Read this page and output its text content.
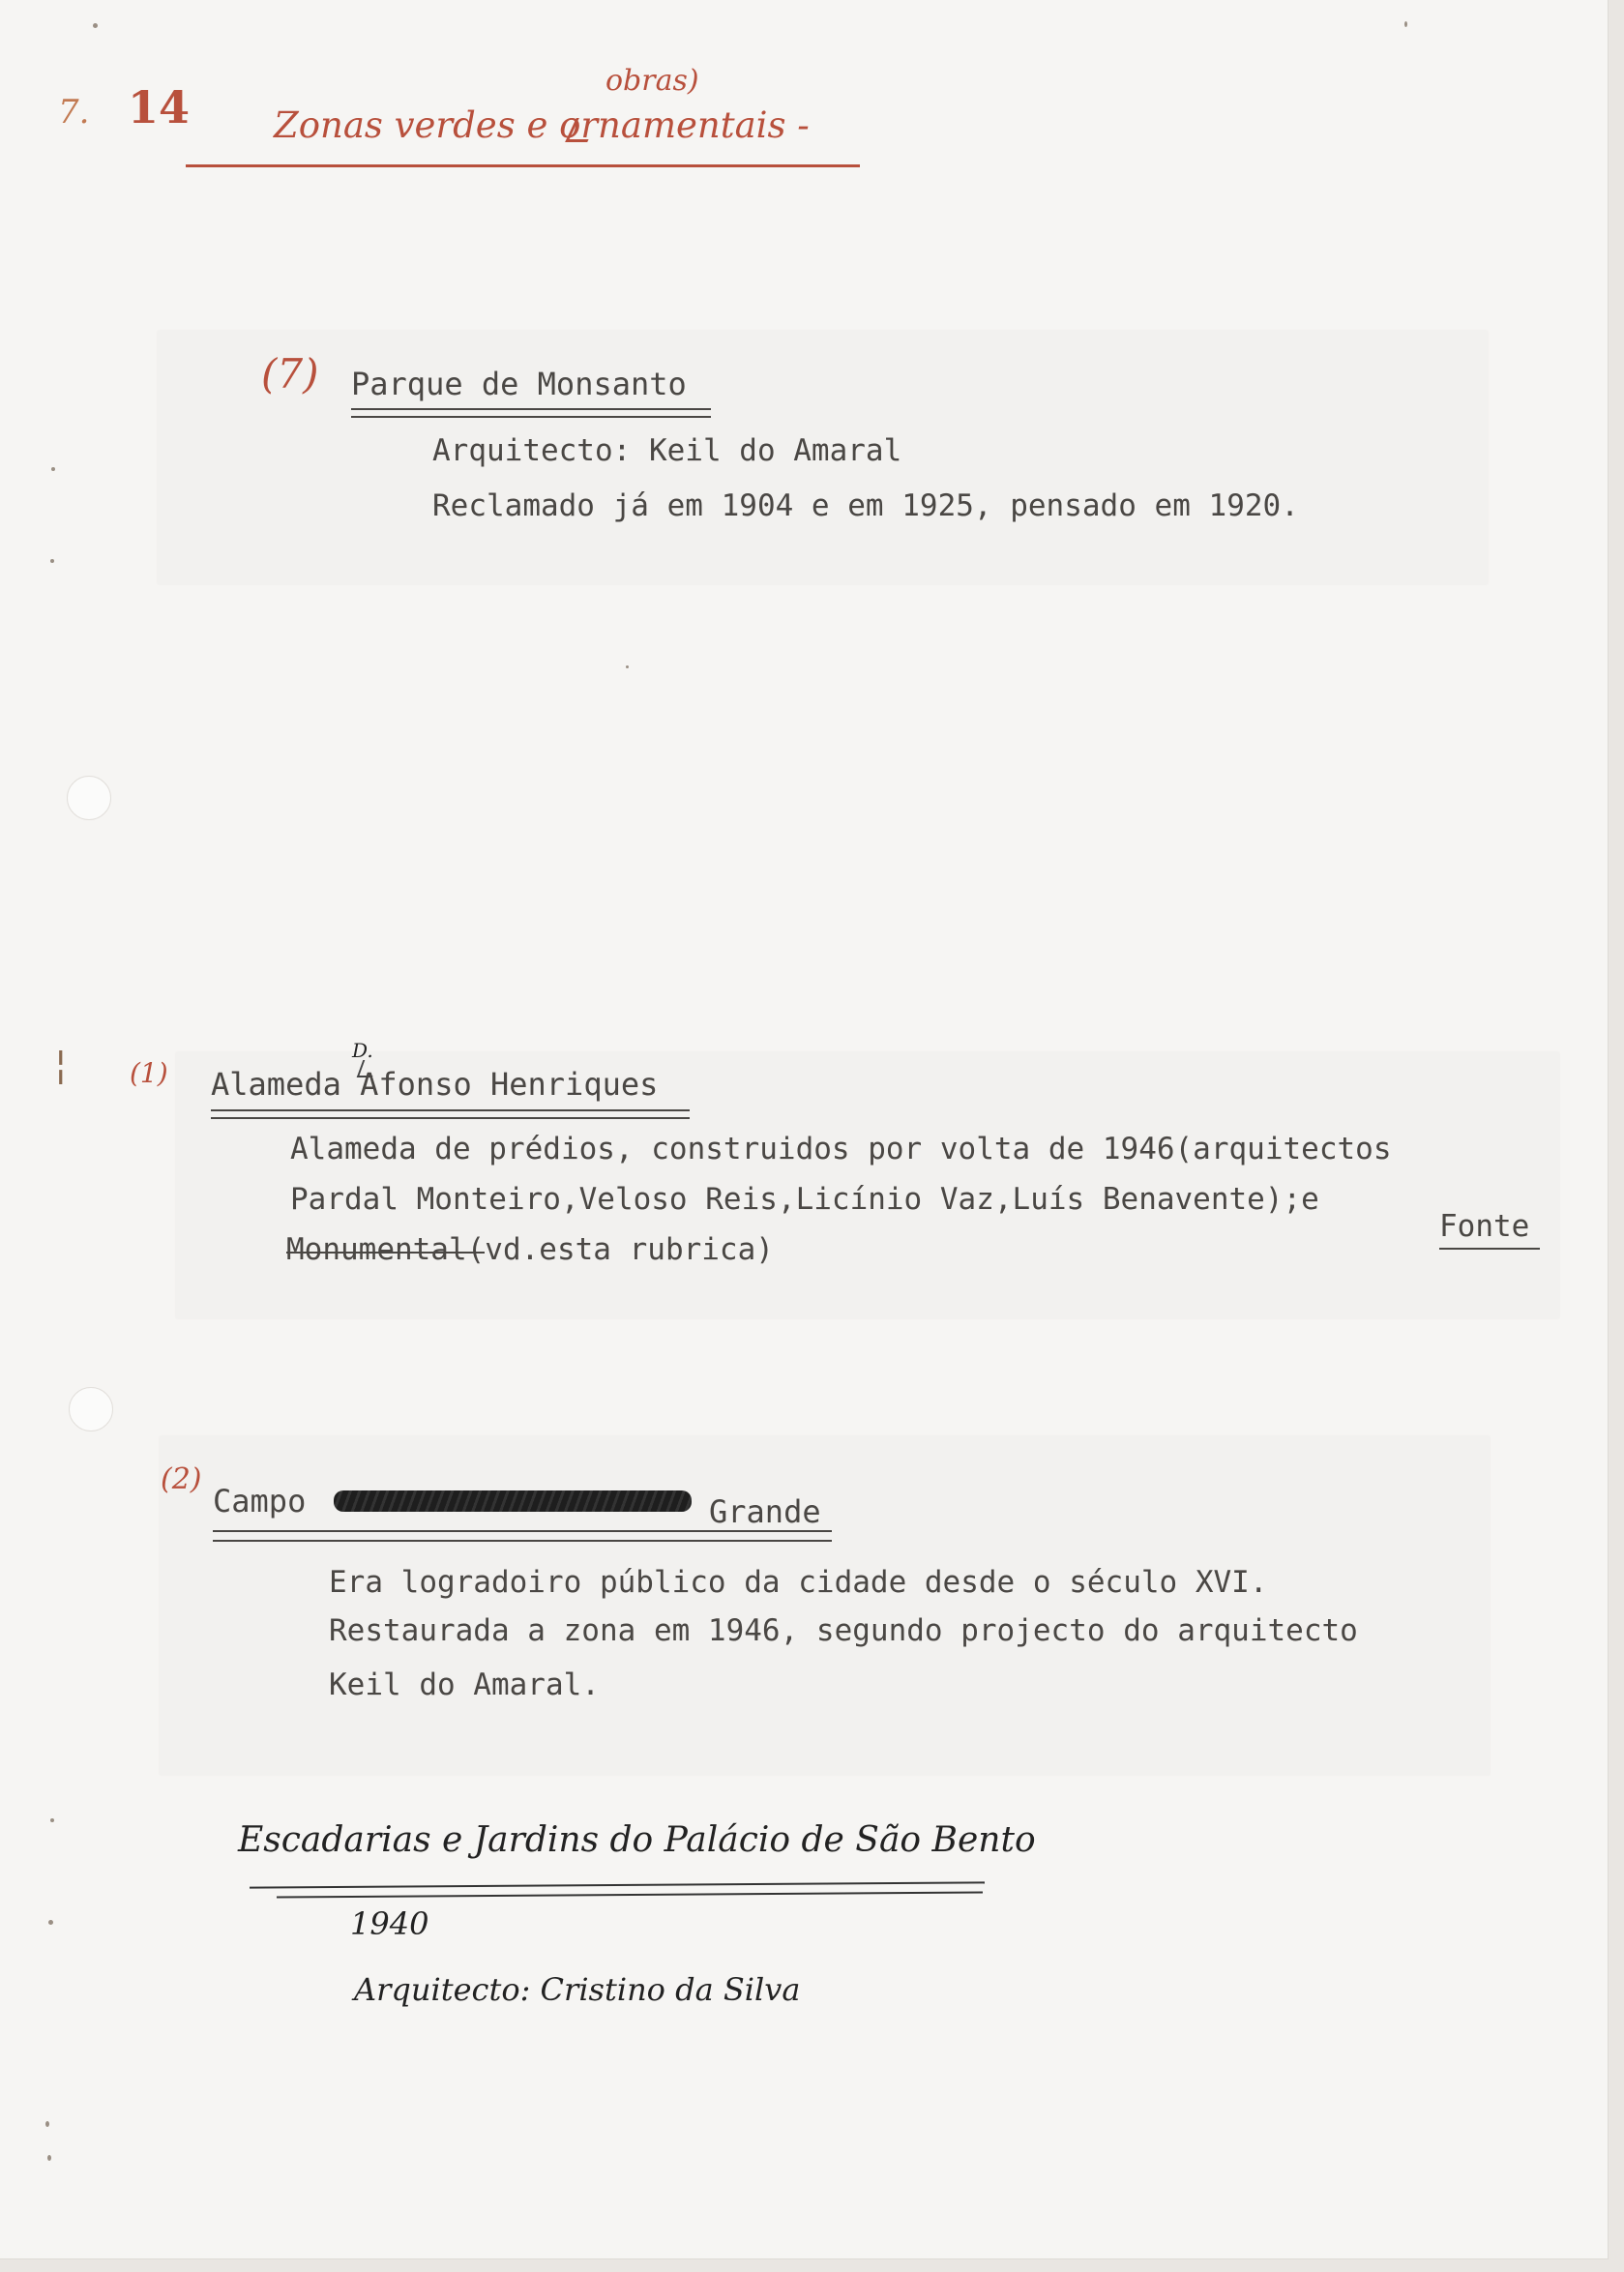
7. 14
obras)
Zonas verdes e ornamentais -
(7) Parque de Monsanto
Arquitecto: Keil do Amaral
Reclamado já em 1904 e em 1925, pensado em 1920.
¦ (1)
D.
Alameda Afonso Henriques
Alameda de prédios, construidos por volta de 1946(arquitectos
Pardal Monteiro,Veloso Reis,Licínio Vaz,Luís Benavente);e
Fonte
Monumental(vd.esta rubrica)
(2)
Campo	Grande
Era logradoiro público da cidade desde o século XVI.
Restaurada a zona em 1946, segundo projecto do arquitecto
Keil do Amaral.
Escadarias e Jardins do Palácio de São Bento
1940
Arquitecto: Cristino da Silva
